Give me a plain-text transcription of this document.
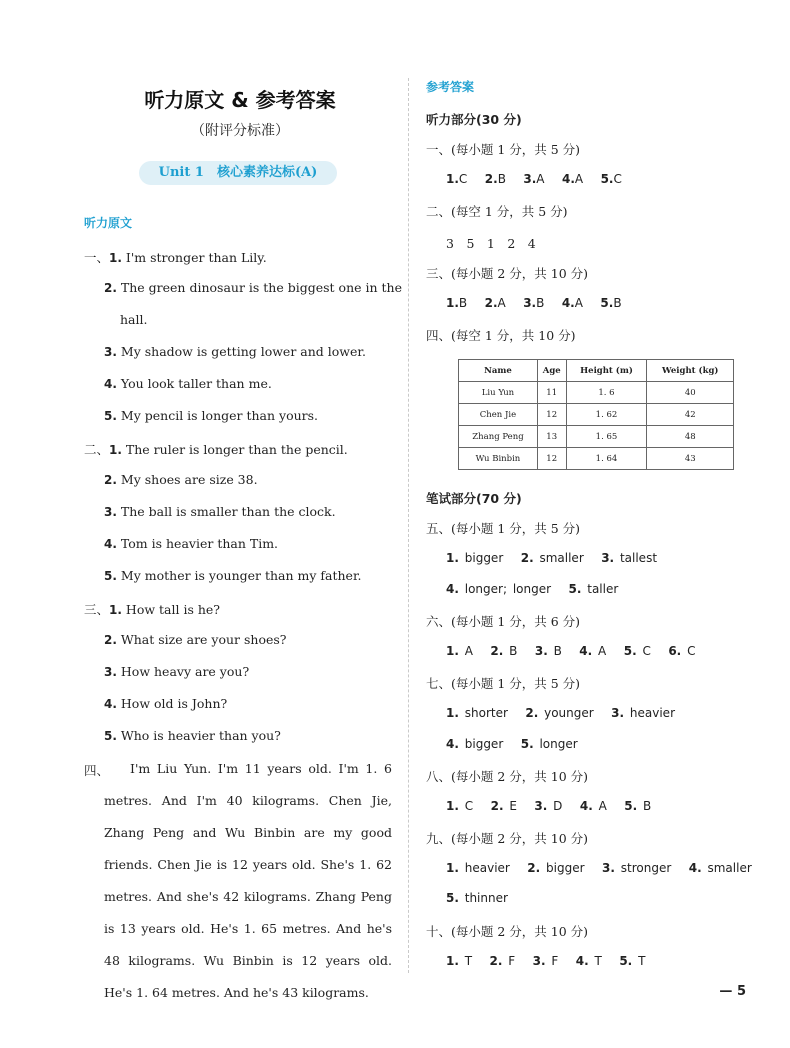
听力原文 & 参考答案
（附评分标准）
Unit 1　核心素养达标(A)
听力原文
一、1. I'm stronger than Lily.
2. The green dinosaur is the biggest one in the
hall.
3. My shadow is getting lower and lower.
4. You look taller than me.
5. My pencil is longer than yours.
二、1. The ruler is longer than the pencil.
2. My shoes are size 38.
3. The ball is smaller than the clock.
4. Tom is heavier than Tim.
5. My mother is younger than my father.
三、1. How tall is he?
2. What size are your shoes?
3. How heavy are you?
4. How old is John?
5. Who is heavier than you?
四、	I'm Liu Yun. I'm 11 years old. I'm 1. 6 metres. And I'm 40 kilograms. Chen Jie, Zhang Peng and Wu Binbin are my good friends. Chen Jie is 12 years old. She's 1. 62 metres. And she's 42 kilograms. Zhang Peng is 13 years old. He's 1. 65 metres. And he's 48 kilograms. Wu Binbin is 12 years old. He's 1. 64 metres. And he's 43 kilograms.
参考答案
听力部分(30 分)
一、(每小题 1 分，共 5 分)
1.C 2.B 3.A 4.A 5.C
二、(每空 1 分，共 5 分)
3　5　1　2　4
三、(每小题 2 分，共 10 分)
1.B 2.A 3.B 4.A 5.B
四、(每空 1 分，共 10 分)
Name	Age	Height (m)	Weight (kg)
Liu Yun	11	1. 6	40
Chen Jie	12	1. 62	42
Zhang Peng	13	1. 65	48
Wu Binbin	12	1. 64	43
笔试部分(70 分)
五、(每小题 1 分，共 5 分)
1. bigger 2. smaller 3. tallest
4. longer; longer 5. taller
六、(每小题 1 分，共 6 分)
1. A 2. B 3. B 4. A 5. C 6. C
七、(每小题 1 分，共 5 分)
1. shorter 2. younger 3. heavier
4. bigger 5. longer
八、(每小题 2 分，共 10 分)
1. C 2. E 3. D 4. A 5. B
九、(每小题 2 分，共 10 分)
1. heavier 2. bigger 3. stronger 4. smaller
5. thinner
十、(每小题 2 分，共 10 分)
1. T 2. F 3. F 4. T 5. T
— 5
